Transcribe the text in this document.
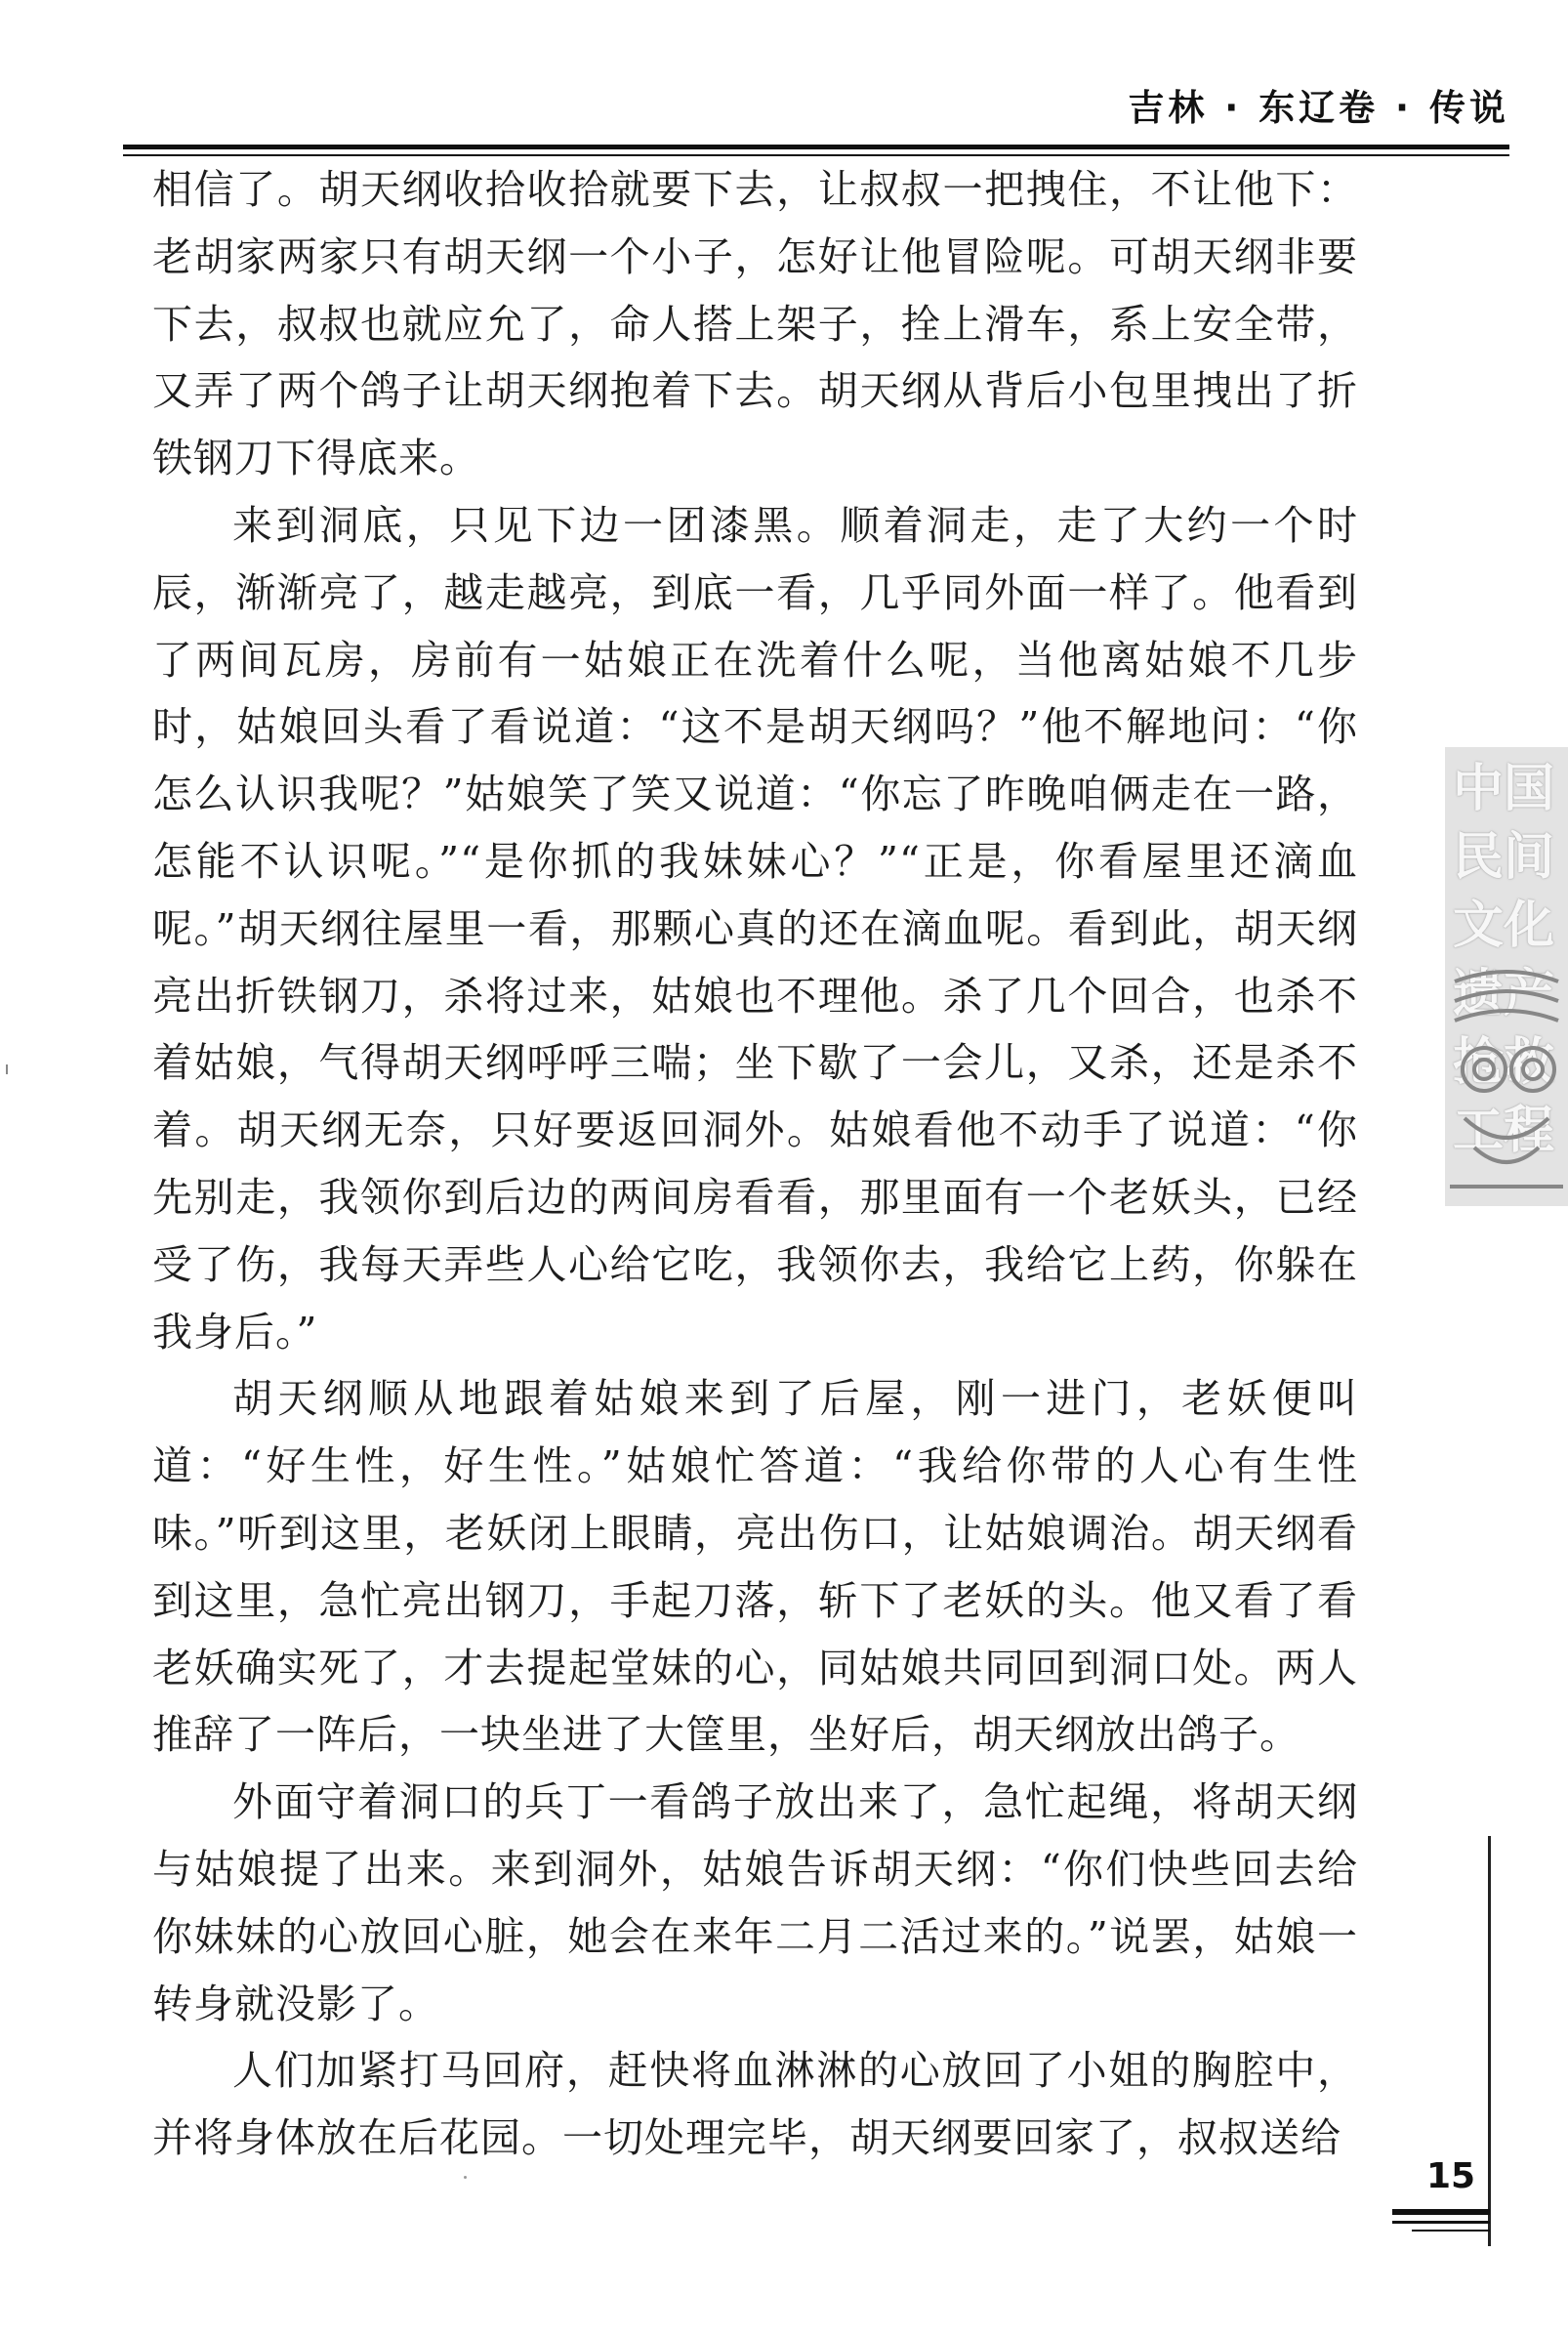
吉林 · 东辽卷 · 传说

相信了。胡天纲收拾收拾就要下去，让叔叔一把拽住，不让他下：老胡家两家只有胡天纲一个小子，怎好让他冒险呢。可胡天纲非要下去，叔叔也就应允了，命人搭上架子，拴上滑车，系上安全带，又弄了两个鸽子让胡天纲抱着下去。胡天纲从背后小包里拽出了折铁钢刀下得底来。

来到洞底，只见下边一团漆黑。顺着洞走，走了大约一个时辰，渐渐亮了，越走越亮，到底一看，几乎同外面一样了。他看到了两间瓦房，房前有一姑娘正在洗着什么呢，当他离姑娘不几步时，姑娘回头看了看说道：“这不是胡天纲吗？”他不解地问：“你怎么认识我呢？”姑娘笑了笑又说道：“你忘了昨晚咱俩走在一路，怎能不认识呢。”“是你抓的我妹妹心？”“正是，你看屋里还滴血呢。”胡天纲往屋里一看，那颗心真的还在滴血呢。看到此，胡天纲亮出折铁钢刀，杀将过来，姑娘也不理他。杀了几个回合，也杀不着姑娘，气得胡天纲呼呼三喘；坐下歇了一会儿，又杀，还是杀不着。胡天纲无奈，只好要返回洞外。姑娘看他不动手了说道：“你先别走，我领你到后边的两间房看看，那里面有一个老妖头，已经受了伤，我每天弄些人心给它吃，我领你去，我给它上药，你躲在我身后。”

胡天纲顺从地跟着姑娘来到了后屋，刚一进门，老妖便叫道：“好生性，好生性。”姑娘忙答道：“我给你带的人心有生性味。”听到这里，老妖闭上眼睛，亮出伤口，让姑娘调治。胡天纲看到这里，急忙亮出钢刀，手起刀落，斩下了老妖的头。他又看了看老妖确实死了，才去提起堂妹的心，同姑娘共同回到洞口处。两人推辞了一阵后，一块坐进了大筐里，坐好后，胡天纲放出鸽子。

外面守着洞口的兵丁一看鸽子放出来了，急忙起绳，将胡天纲与姑娘提了出来。来到洞外，姑娘告诉胡天纲：“你们快些回去给你妹妹的心放回心脏，她会在来年二月二活过来的。”说罢，姑娘一转身就没影了。

人们加紧打马回府，赶快将血淋淋的心放回了小姐的胸腔中，并将身体放在后花园。一切处理完毕，胡天纲要回家了，叔叔送给

中国民间文化遗产抢救工程
15
